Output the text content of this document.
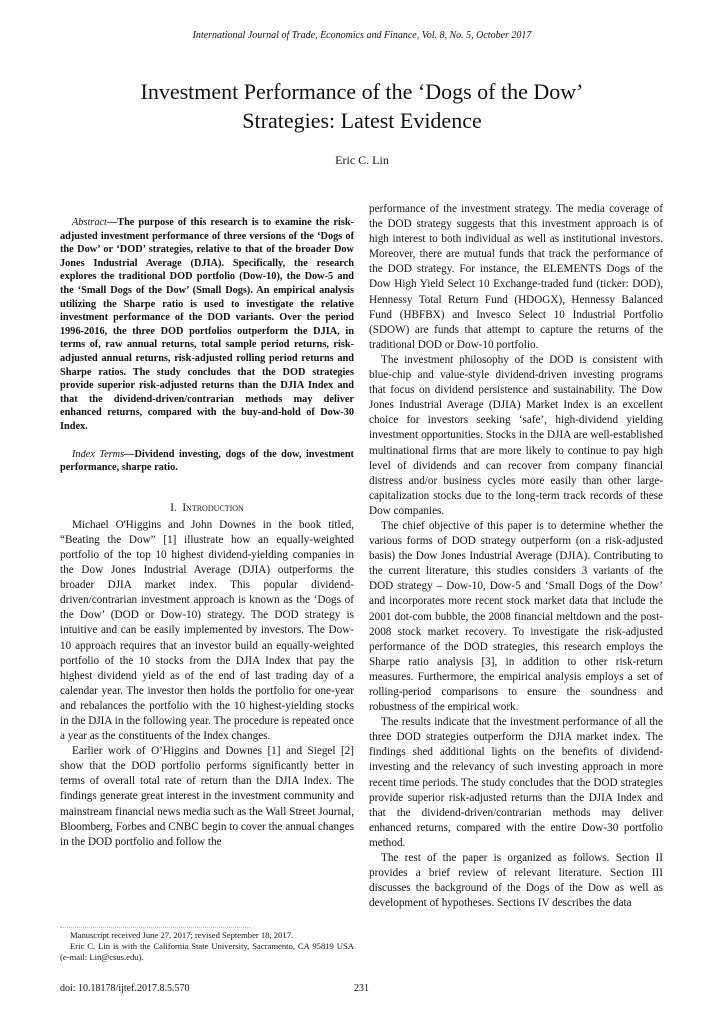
International Journal of Trade, Economics and Finance, Vol. 8, No. 5, October 2017
Investment Performance of the ‘Dogs of the Dow’
Strategies: Latest Evidence
Eric C. Lin

Abstract—The purpose of this research is to examine the risk-adjusted investment performance of three versions of the ‘Dogs of the Dow’ or ‘DOD’ strategies, relative to that of the broader Dow Jones Industrial Average (DJIA). Specifically, the research explores the traditional DOD portfolio (Dow-10), the Dow-5 and the ‘Small Dogs of the Dow’ (Small Dogs). An empirical analysis utilizing the Sharpe ratio is used to investigate the relative investment performance of the DOD variants. Over the period 1996-2016, the three DOD portfolios outperform the DJIA, in terms of, raw annual returns, total sample period returns, risk-adjusted annual returns, risk-adjusted rolling period returns and Sharpe ratios. The study concludes that the DOD strategies provide superior risk-adjusted returns than the DJIA Index and that the dividend-driven/contrarian methods may deliver enhanced returns, compared with the buy-and-hold of Dow-30 Index.

Index Terms—Dividend investing, dogs of the dow, investment performance, sharpe ratio.

I. Introduction

Michael O'Higgins and John Downes in the book titled, “Beating the Dow” [1] illustrate how an equally-weighted portfolio of the top 10 highest dividend-yielding companies in the Dow Jones Industrial Average (DJIA) outperforms the broader DJIA market index. This popular dividend-driven/contrarian investment approach is known as the ‘Dogs of the Dow’ (DOD or Dow-10) strategy. The DOD strategy is intuitive and can be easily implemented by investors. The Dow-10 approach requires that an investor build an equally-weighted portfolio of the 10 stocks from the DJIA Index that pay the highest dividend yield as of the end of last trading day of a calendar year. The investor then holds the portfolio for one-year and rebalances the portfolio with the 10 highest-yielding stocks in the DJIA in the following year. The procedure is repeated once a year as the constituents of the Index changes.

Earlier work of O’Higgins and Downes [1] and Siegel [2] show that the DOD portfolio performs significantly better in terms of overall total rate of return than the DJIA Index. The findings generate great interest in the investment community and mainstream financial news media such as the Wall Street Journal, Bloomberg, Forbes and CNBC begin to cover the annual changes in the DOD portfolio and follow the

performance of the investment strategy. The media coverage of the DOD strategy suggests that this investment approach is of high interest to both individual as well as institutional investors. Moreover, there are mutual funds that track the performance of the DOD strategy. For instance, the ELEMENTS Dogs of the Dow High Yield Select 10 Exchange-traded fund (ticker: DOD), Hennessy Total Return Fund (HDOGX), Hennessy Balanced Fund (HBFBX) and Invesco Select 10 Industrial Portfolio (SDOW) are funds that attempt to capture the returns of the traditional DOD or Dow-10 portfolio.

The investment philosophy of the DOD is consistent with blue-chip and value-style dividend-driven investing programs that focus on dividend persistence and sustainability. The Dow Jones Industrial Average (DJIA) Market Index is an excellent choice for investors seeking ‘safe’, high-dividend yielding investment opportunities. Stocks in the DJIA are well-established multinational firms that are more likely to continue to pay high level of dividends and can recover from company financial distress and/or business cycles more easily than other large-capitalization stocks due to the long-term track records of these Dow companies.

The chief objective of this paper is to determine whether the various forms of DOD strategy outperform (on a risk-adjusted basis) the Dow Jones Industrial Average (DJIA). Contributing to the current literature, this studies considers 3 variants of the DOD strategy – Dow-10, Dow-5 and ‘Small Dogs of the Dow’ and incorporates more recent stock market data that include the 2001 dot-com bubble, the 2008 financial meltdown and the post-2008 stock market recovery. To investigate the risk-adjusted performance of the DOD strategies, this research employs the Sharpe ratio analysis [3], in addition to other risk-return measures. Furthermore, the empirical analysis employs a set of rolling-period comparisons to ensure the soundness and robustness of the empirical work.

The results indicate that the investment performance of all the three DOD strategies outperform the DJIA market index. The findings shed additional lights on the benefits of dividend-investing and the relevancy of such investing approach in more recent time periods. The study concludes that the DOD strategies provide superior risk-adjusted returns than the DJIA Index and that the dividend-driven/contrarian methods may deliver enhanced returns, compared with the entire Dow-30 portfolio method.

The rest of the paper is organized as follows. Section II provides a brief review of relevant literature. Section III discusses the background of the Dogs of the Dow as well as development of hypotheses. Sections IV describes the data

Manuscript received June 27, 2017; revised September 18, 2017.

Eric C. Lin is with the California State University, Sacramento, CA 95819 USA (e-mail: Lin@csus.edu).

doi: 10.18178/ijtef.2017.8.5.570	231
